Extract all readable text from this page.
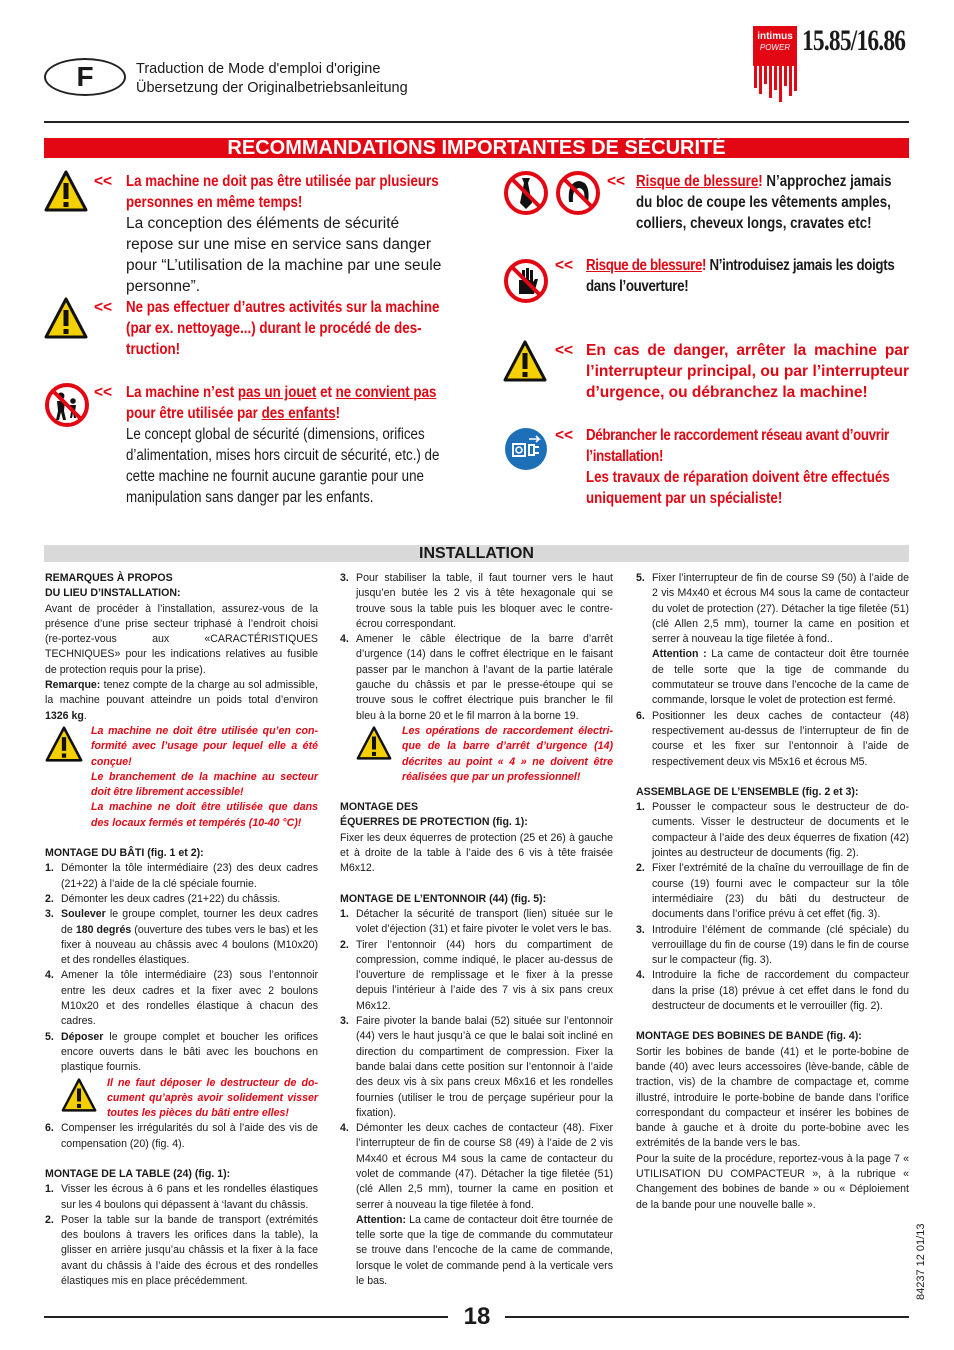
F	Traduction de Mode d'emploi d'origine
Übersetzung der Originalbetriebsanleitung
intimus
POWER 15.85/16.86
RECOMMANDATIONS IMPORTANTES DE SÉCURITÉ
<< La machine ne doit pas être utilisée par plusieurs personnes en même temps!
La conception des éléments de sécurité repose sur une mise en service sans danger pour “L’utilisation de la machine par une seule personne”.
<< Ne pas effectuer d’autres activités sur la machine (par ex. nettoyage...) durant le procédé de des-truction!
<< La machine n’est pas un jouet et ne convient pas pour être utilisée par des enfants!
Le concept global de sécurité (dimensions, orifices d’alimentation, mises hors circuit de sécurité, etc.) de cette machine ne fournit aucune garantie pour une manipulation sans danger par les enfants.
<< Risque de blessure! N’approchez jamais du bloc de coupe les vêtements amples, colliers, cheveux longs, cravates etc!
<< Risque de blessure! N’introduisez jamais les doigts dans l’ouverture!
<< En cas de danger, arrêter la machine par l’interrupteur principal, ou par l’interrupteur d’urgence, ou débranchez la machine!
<< Débrancher le raccordement réseau avant d’ouvrir l’installation!
Les travaux de réparation doivent être effectués uniquement par un spécialiste!
INSTALLATION

REMARQUES À PROPOS

DU LIEU D’INSTALLATION:

Avant de procéder à l’installation, assurez-vous de la présence d’une prise secteur triphasé à l’endroit choisi (re-portez-vous aux «CARACTÉRISTIQUES TECHNIQUES» pour les indications relatives au fusible de protection requis pour la prise).

Remarque: tenez compte de la charge au sol admissible, la machine pouvant atteindre un poids total d’environ 1326 kg.

La machine ne doit être utilisée qu’en con-formité avec l’usage pour lequel elle a été conçue!

Le branchement de la machine au secteur doit être librement accessible!

La machine ne doit être utilisée que dans des locaux fermés et tempérés (10-40 °C)!

MONTAGE DU BÂTI (fig. 1 et 2):

1. Démonter la tôle intermédiaire (23) des deux cadres (21+22) à l’aide de la clé spéciale fournie.
2. Démonter les deux cadres (21+22) du châssis.
3. Soulever le groupe complet, tourner les deux cadres de 180 degrés (ouverture des tubes vers le bas) et les fixer à nouveau au châssis avec 4 boulons (M10x20) et des rondelles élastiques.
4. Amener la tôle intermédiaire (23) sous l’entonnoir entre les deux cadres et la fixer avec 2 boulons M10x20 et des rondelles élastique à chacun des cadres.
5. Déposer le groupe complet et boucher les orifices encore ouverts dans le bâti avec les bouchons en plastique fournis.

Il ne faut déposer le destructeur de do-cument qu’après avoir solidement visser toutes les pièces du bâti entre elles!

6. Compenser les irrégularités du sol à l’aide des vis de compensation (20) (fig. 4).

MONTAGE DE LA TABLE (24) (fig. 1):

1. Visser les écrous à 6 pans et les rondelles élastiques sur les 4 boulons qui dépassent à ‘lavant du châssis.
2. Poser la table sur la bande de transport (extrémités des boulons à travers les orifices dans la table), la glisser en arrière jusqu’au châssis et la fixer à la face avant du châssis à l’aide des écrous et des rondelles élastiques mis en place précédemment.
3. Pour stabiliser la table, il faut tourner vers le haut jusqu’en butée les 2 vis à tête hexagonale qui se trouve sous la table puis les bloquer avec le contre-écrou correspondant.
4. Amener le câble électrique de la barre d’arrêt d’urgence (14) dans le coffret électrique en le faisant passer par le manchon à l’avant de la partie latérale gauche du châssis et par le presse-étoupe qui se trouve sous le coffret électrique puis brancher le fil bleu à la borne 20 et le fil marron à la borne 19.

Les opérations de raccordement électri-que de la barre d’arrêt d’urgence (14) décrites au point « 4 » ne doivent être réalisées que par un professionnel!

MONTAGE DES

ÉQUERRES DE PROTECTION (fig. 1):

Fixer les deux équerres de protection (25 et 26) à gauche et à droite de la table à l’aide des 6 vis à tête fraisée M6x12.

MONTAGE DE L’ENTONNOIR (44) (fig. 5):

1. Détacher la sécurité de transport (lien) située sur le volet d’éjection (31) et faire pivoter le volet vers le bas.
2. Tirer l’entonnoir (44) hors du compartiment de compression, comme indiqué, le placer au-dessus de l’ouverture de remplissage et le fixer à la presse depuis l’intérieur à l’aide des 7 vis à six pans creux M6x12.
3. Faire pivoter la bande balai (52) située sur l’entonnoir (44) vers le haut jusqu’à ce que le balai soit incliné en direction du compartiment de compression. Fixer la bande balai dans cette position sur l’entonnoir à l’aide des deux vis à six pans creux M6x16 et les rondelles fournies (utiliser le trou de perçage supérieur pour la fixation).
4. Démonter les deux caches de contacteur (48). Fixer l’interrupteur de fin de course S8 (49) à l’aide de 2 vis M4x40 et écrous M4 sous la came de contacteur du volet de commande (47). Détacher la tige filetée (51) (clé Allen 2,5 mm), tourner la came en position et serrer à nouveau la tige filetée à fond.
Attention: La came de contacteur doit être tournée de telle sorte que la tige de commande du commutateur se trouve dans l’encoche de la came de commande, lorsque le volet de commande pend à la verticale vers le bas.
5. Fixer l’interrupteur de fin de course S9 (50) à l’aide de 2 vis M4x40 et écrous M4 sous la came de contacteur du volet de protection (27). Détacher la tige filetée (51) (clé Allen 2,5 mm), tourner la came en position et serrer à nouveau la tige filetée à fond..
Attention : La came de contacteur doit être tournée de telle sorte que la tige de commande du commutateur se trouve dans l’encoche de la came de commande, lorsque le volet de protection est fermé.
6. Positionner les deux caches de contacteur (48) respectivement au-dessus de l’interrupteur de fin de course et les fixer sur l’entonnoir à l’aide de respectivement deux vis M5x16 et écrous M5.

ASSEMBLAGE DE L’ENSEMBLE (fig. 2 et 3):

1. Pousser le compacteur sous le destructeur de do-cuments. Visser le destructeur de documents et le compacteur à l’aide des deux équerres de fixation (42) jointes au destructeur de documents (fig. 2).
2. Fixer l’extrémité de la chaîne du verrouillage de fin de course (19) fourni avec le compacteur sur la tôle intermédiaire (23) du bâti du destructeur de documents dans l’orifice prévu à cet effet (fig. 3).
3. Introduire l’élément de commande (clé spéciale) du verrouillage du fin de course (19) dans le fin de course sur le compacteur (fig. 3).
4. Introduire la fiche de raccordement du compacteur dans la prise (18) prévue à cet effet dans le fond du destructeur de documents et le verrouiller (fig. 2).

MONTAGE DES BOBINES DE BANDE (fig. 4):

Sortir les bobines de bande (41) et le porte-bobine de bande (40) avec leurs accessoires (lève-bande, câble de traction, vis) de la chambre de compactage et, comme illustré, introduire le porte-bobine de bande dans l’orifice correspondant du compacteur et insérer les bobines de bande à gauche et à droite du porte-bobine avec les extrémités de la bande vers le bas.

Pour la suite de la procédure, reportez-vous à la page 7 « UTILISATION DU COMPACTEUR », à la rubrique « Changement des bobines de bande » ou « Déploiement de la bande pour une nouvelle balle ».

18
84237 12 01/13
